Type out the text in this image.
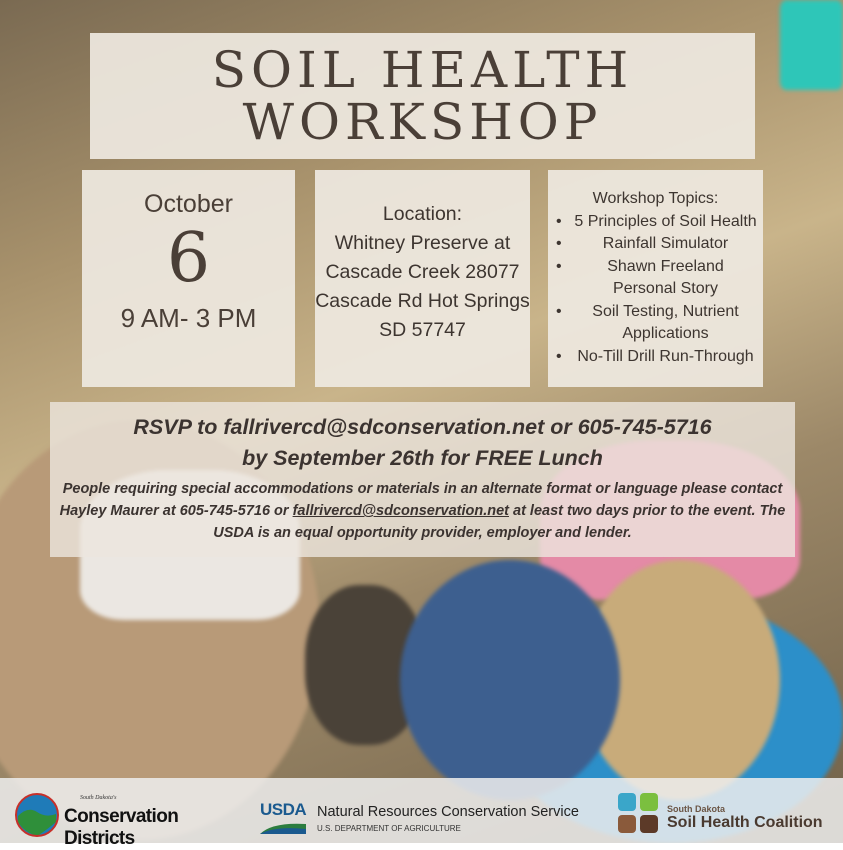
SOIL HEALTH
WORKSHOP
October
6
9 AM- 3 PM
Location:
Whitney Preserve at
Cascade Creek 28077
Cascade Rd Hot Springs
SD 57747
Workshop Topics:
• 5 Principles of Soil Health
• Rainfall Simulator
• Shawn Freeland Personal Story
• Soil Testing, Nutrient Applications
• No-Till Drill Run-Through
RSVP to fallrivercd@sdconservation.net or 605-745-5716
by September 26th for FREE Lunch
People requiring special accommodations or materials in an alternate format or language please contact Hayley Maurer at 605-745-5716 or fallrivercd@sdconservation.net at least two days prior to the event. The USDA is an equal opportunity provider, employer and lender.
South Dakota's
Conservation Districts
USDA Natural Resources Conservation Service
U.S. DEPARTMENT OF AGRICULTURE
South Dakota
Soil Health Coalition
